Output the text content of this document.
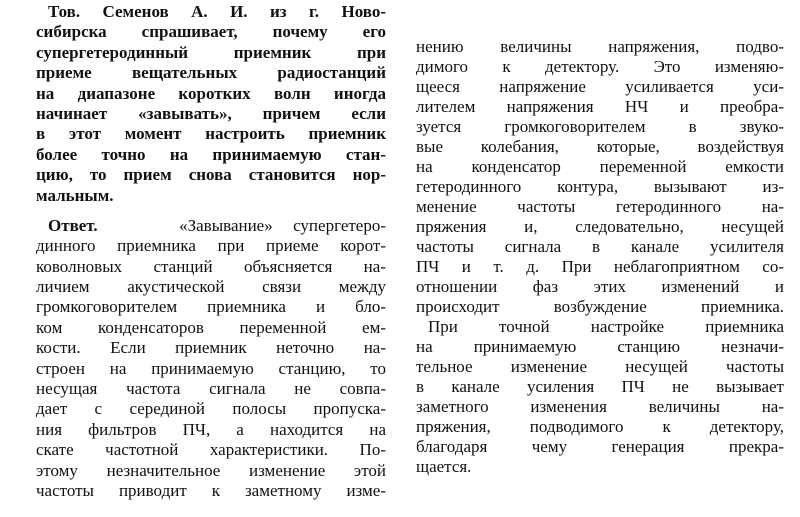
Тов. Семенов А. И. из г. Ново-
сибирска спрашивает, почему его
супергетеродинный приемник при
приеме вещательных радиостанций
на диапазоне коротких волн иногда
начинает «завывать», причем если
в этот момент настроить приемник
более точно на принимаемую стан-
цию, то прием снова становится нор-
мальным.
Ответ.	«Завывание» супергетеро-
динного приемника при приеме корот-
коволновых станций объясняется на-
личием акустической связи между
громкоговорителем приемника и бло-
ком конденсаторов переменной ем-
кости. Если приемник неточно на-
строен на принимаемую станцию, то
несущая частота сигнала не совпа-
дает с серединой полосы пропуска-
ния фильтров ПЧ, а находится на
скате частотной характеристики. По-
этому незначительное изменение этой
частоты приводит к заметному изме-
нению величины напряжения, подво-
димого к детектору. Это изменяю-
щееся напряжение усиливается уси-
лителем напряжения НЧ и преобра-
зуется громкоговорителем в звуко-
вые колебания, которые, воздействуя
на конденсатор переменной емкости
гетеродинного контура, вызывают из-
менение частоты гетеродинного на-
пряжения и, следовательно, несущей
частоты сигнала в канале усилителя
ПЧ и т. д. При неблагоприятном со-
отношении фаз этих изменений и
происходит возбуждение приемника.
При точной настройке приемника
на принимаемую станцию незначи-
тельное изменение несущей частоты
в канале усиления ПЧ не вызывает
заметного изменения величины на-
пряжения, подводимого к детектору,
благодаря чему генерация прекра-
щается.
